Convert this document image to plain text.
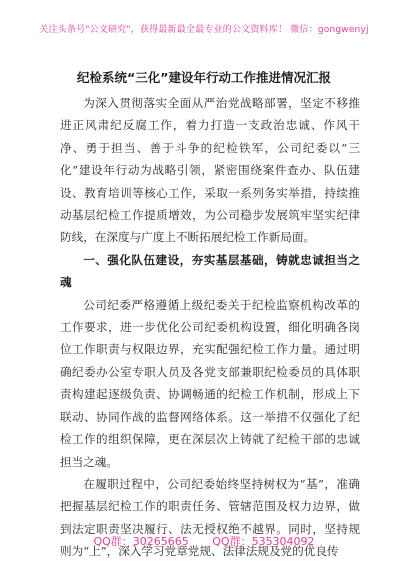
关注头条号"公文研究"，获得最新最全最专业的公文资料库！ 微信：gongwenyj
纪检系统“三化”建设年行动工作推进情况汇报

为深入贯彻落实全面从严治党战略部署，坚定不移推进正风肃纪反腐工作，着力打造一支政治忠诚、作风干净、勇于担当、善于斗争的纪检铁军，公司纪委以“三化”建设年行动为战略引领，紧密围绕案件查办、队伍建设、教育培训等核心工作，采取一系列务实举措，持续推动基层纪检工作提质增效，为公司稳步发展筑牢坚实纪律防线，在深度与广度上不断拓展纪检工作新局面。

一、强化队伍建设，夯实基层基础，铸就忠诚担当之魂

公司纪委严格遵循上级纪委关于纪检监察机构改革的工作要求，进一步优化公司纪委机构设置，细化明确各岗位工作职责与权限边界，充实配强纪检工作力量。通过明确纪委办公室专职人员及各党支部兼职纪检委员的具体职责构建起逐级负责、协调畅通的纪检工作机制，形成上下联动、协同作战的监督网络体系。这一举措不仅强化了纪检工作的组织保障，更在深层次上铸就了纪检干部的忠诚担当之魂。

在履职过程中，公司纪委始终坚持树权为“基”，准确把握基层纪检工作的职责任务、管辖范围及权力边界，做到法定职责坚决履行、法无授权绝不越界。同时，坚持规则为“上”，深入学习党章党规、法律法规及党的优良传

QQ群：30265665 QQ群：535304092
